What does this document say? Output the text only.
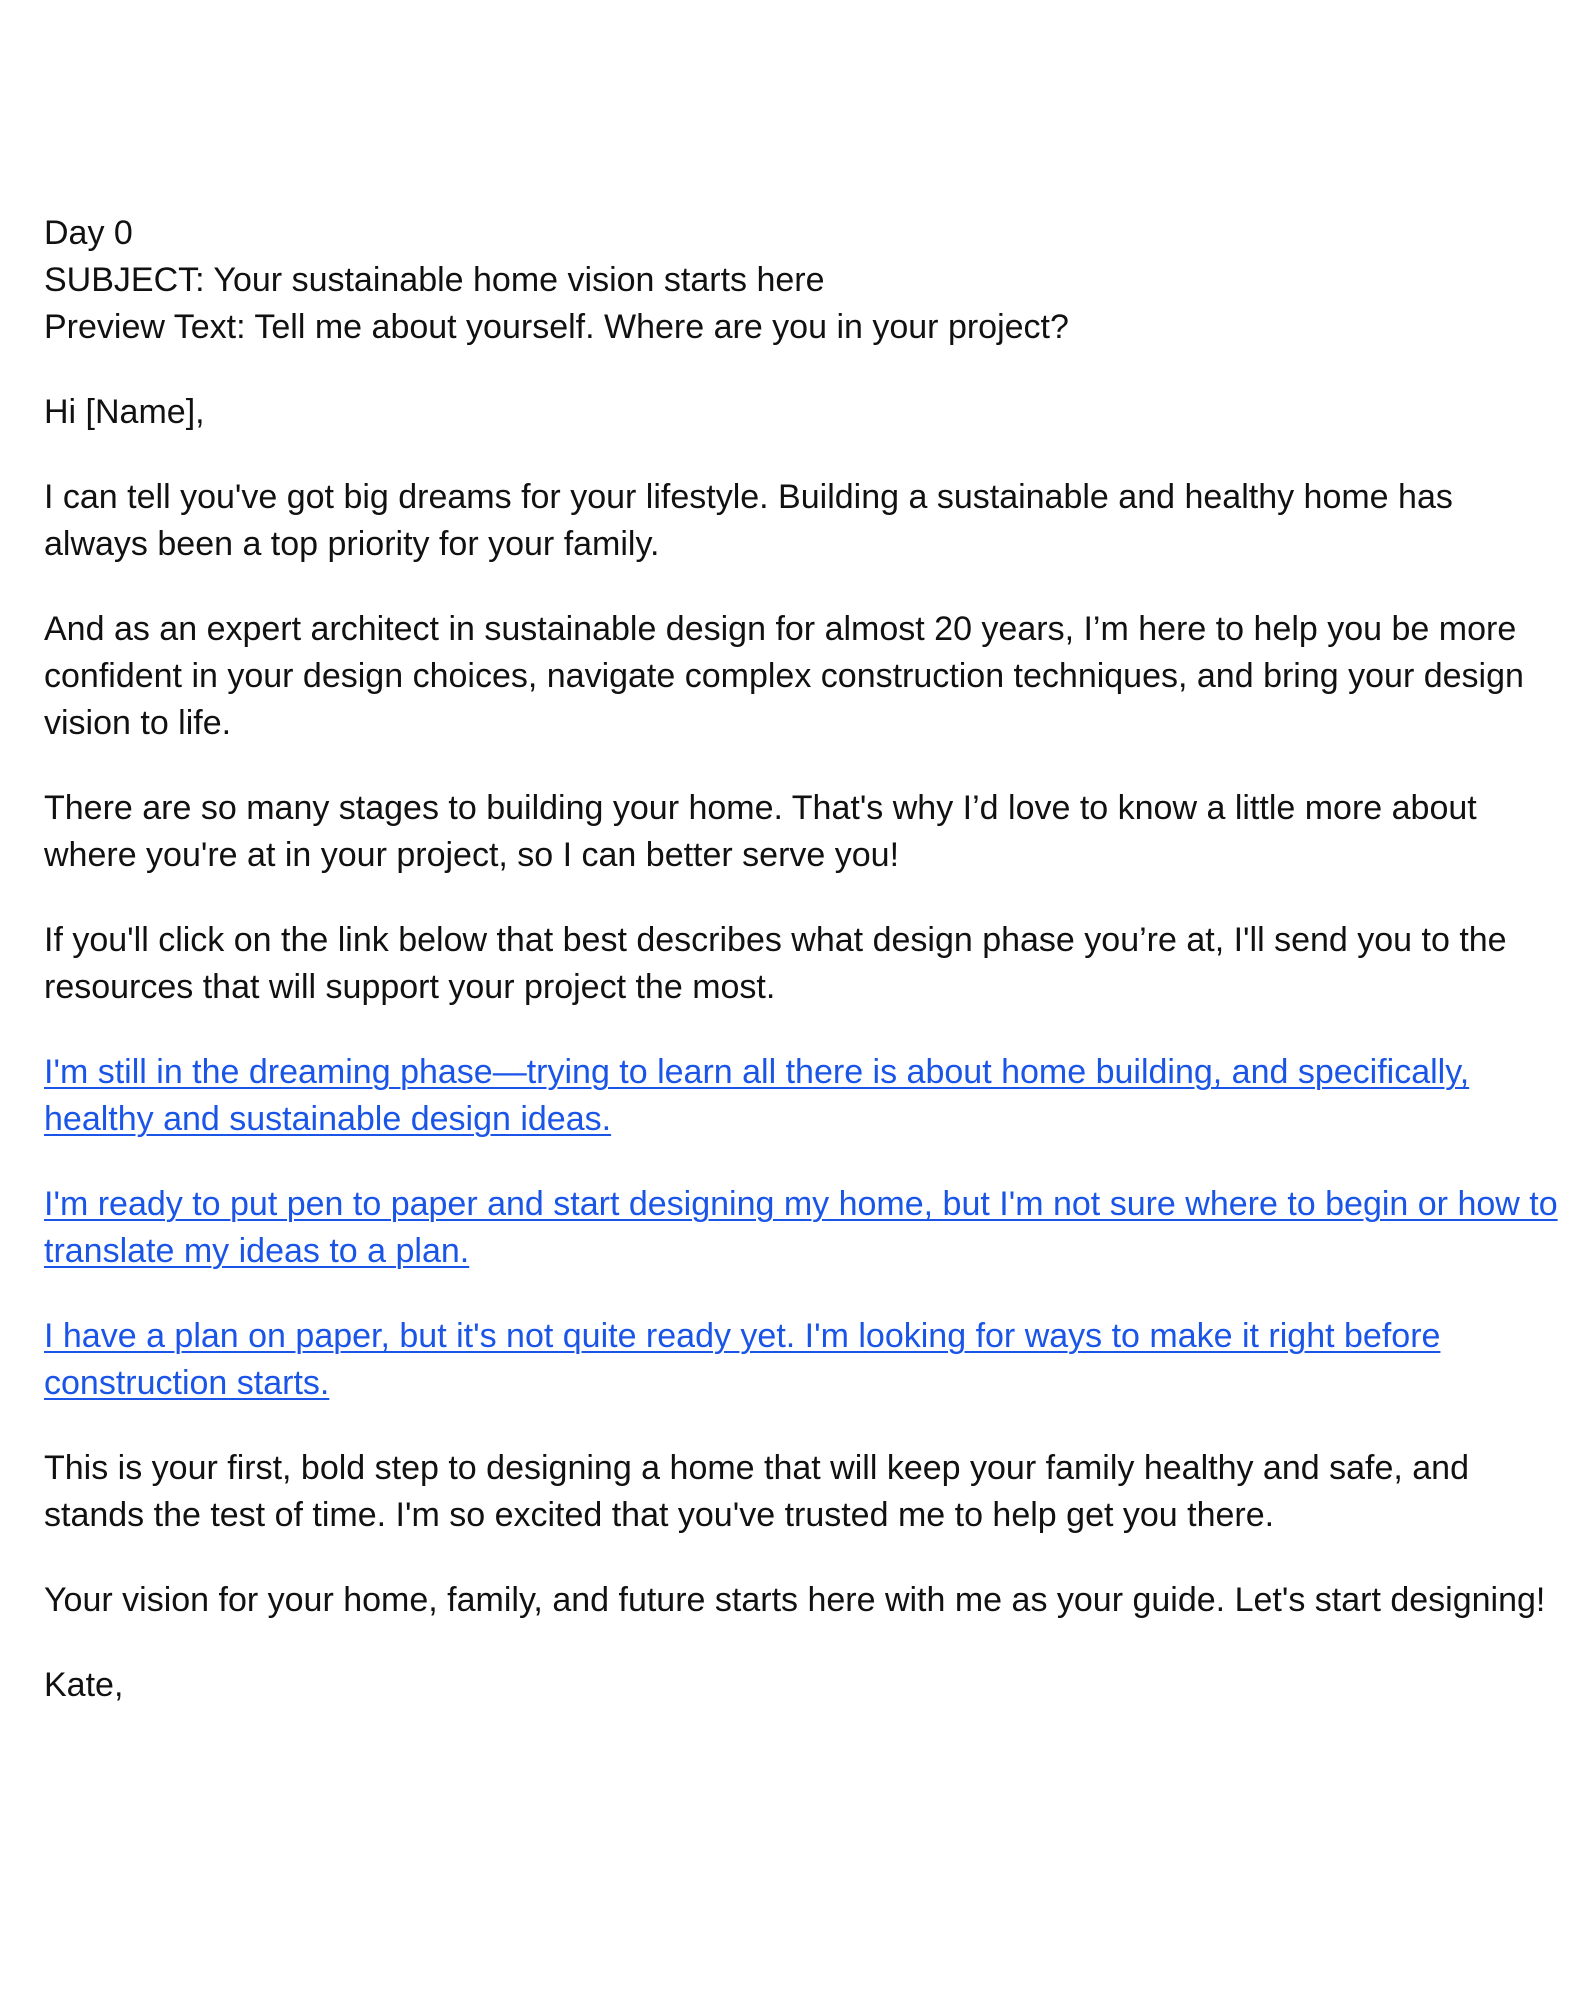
Day 0
SUBJECT: Your sustainable home vision starts here
Preview Text: Tell me about yourself. Where are you in your project?

Hi [Name],

I can tell you've got big dreams for your lifestyle. Building a sustainable and healthy home has always been a top priority for your family.

And as an expert architect in sustainable design for almost 20 years, I’m here to help you be more confident in your design choices, navigate complex construction techniques, and bring your design vision to life.

There are so many stages to building your home. That's why I’d love to know a little more about where you're at in your project, so I can better serve you!

If you'll click on the link below that best describes what design phase you’re at, I'll send you to the resources that will support your project the most.

I'm still in the dreaming phase—trying to learn all there is about home building, and specifically, healthy and sustainable design ideas.

I'm ready to put pen to paper and start designing my home, but I'm not sure where to begin or how to translate my ideas to a plan.

I have a plan on paper, but it's not quite ready yet. I'm looking for ways to make it right before construction starts.

This is your first, bold step to designing a home that will keep your family healthy and safe, and stands the test of time. I'm so excited that you've trusted me to help get you there.

Your vision for your home, family, and future starts here with me as your guide. Let's start designing!

Kate,
